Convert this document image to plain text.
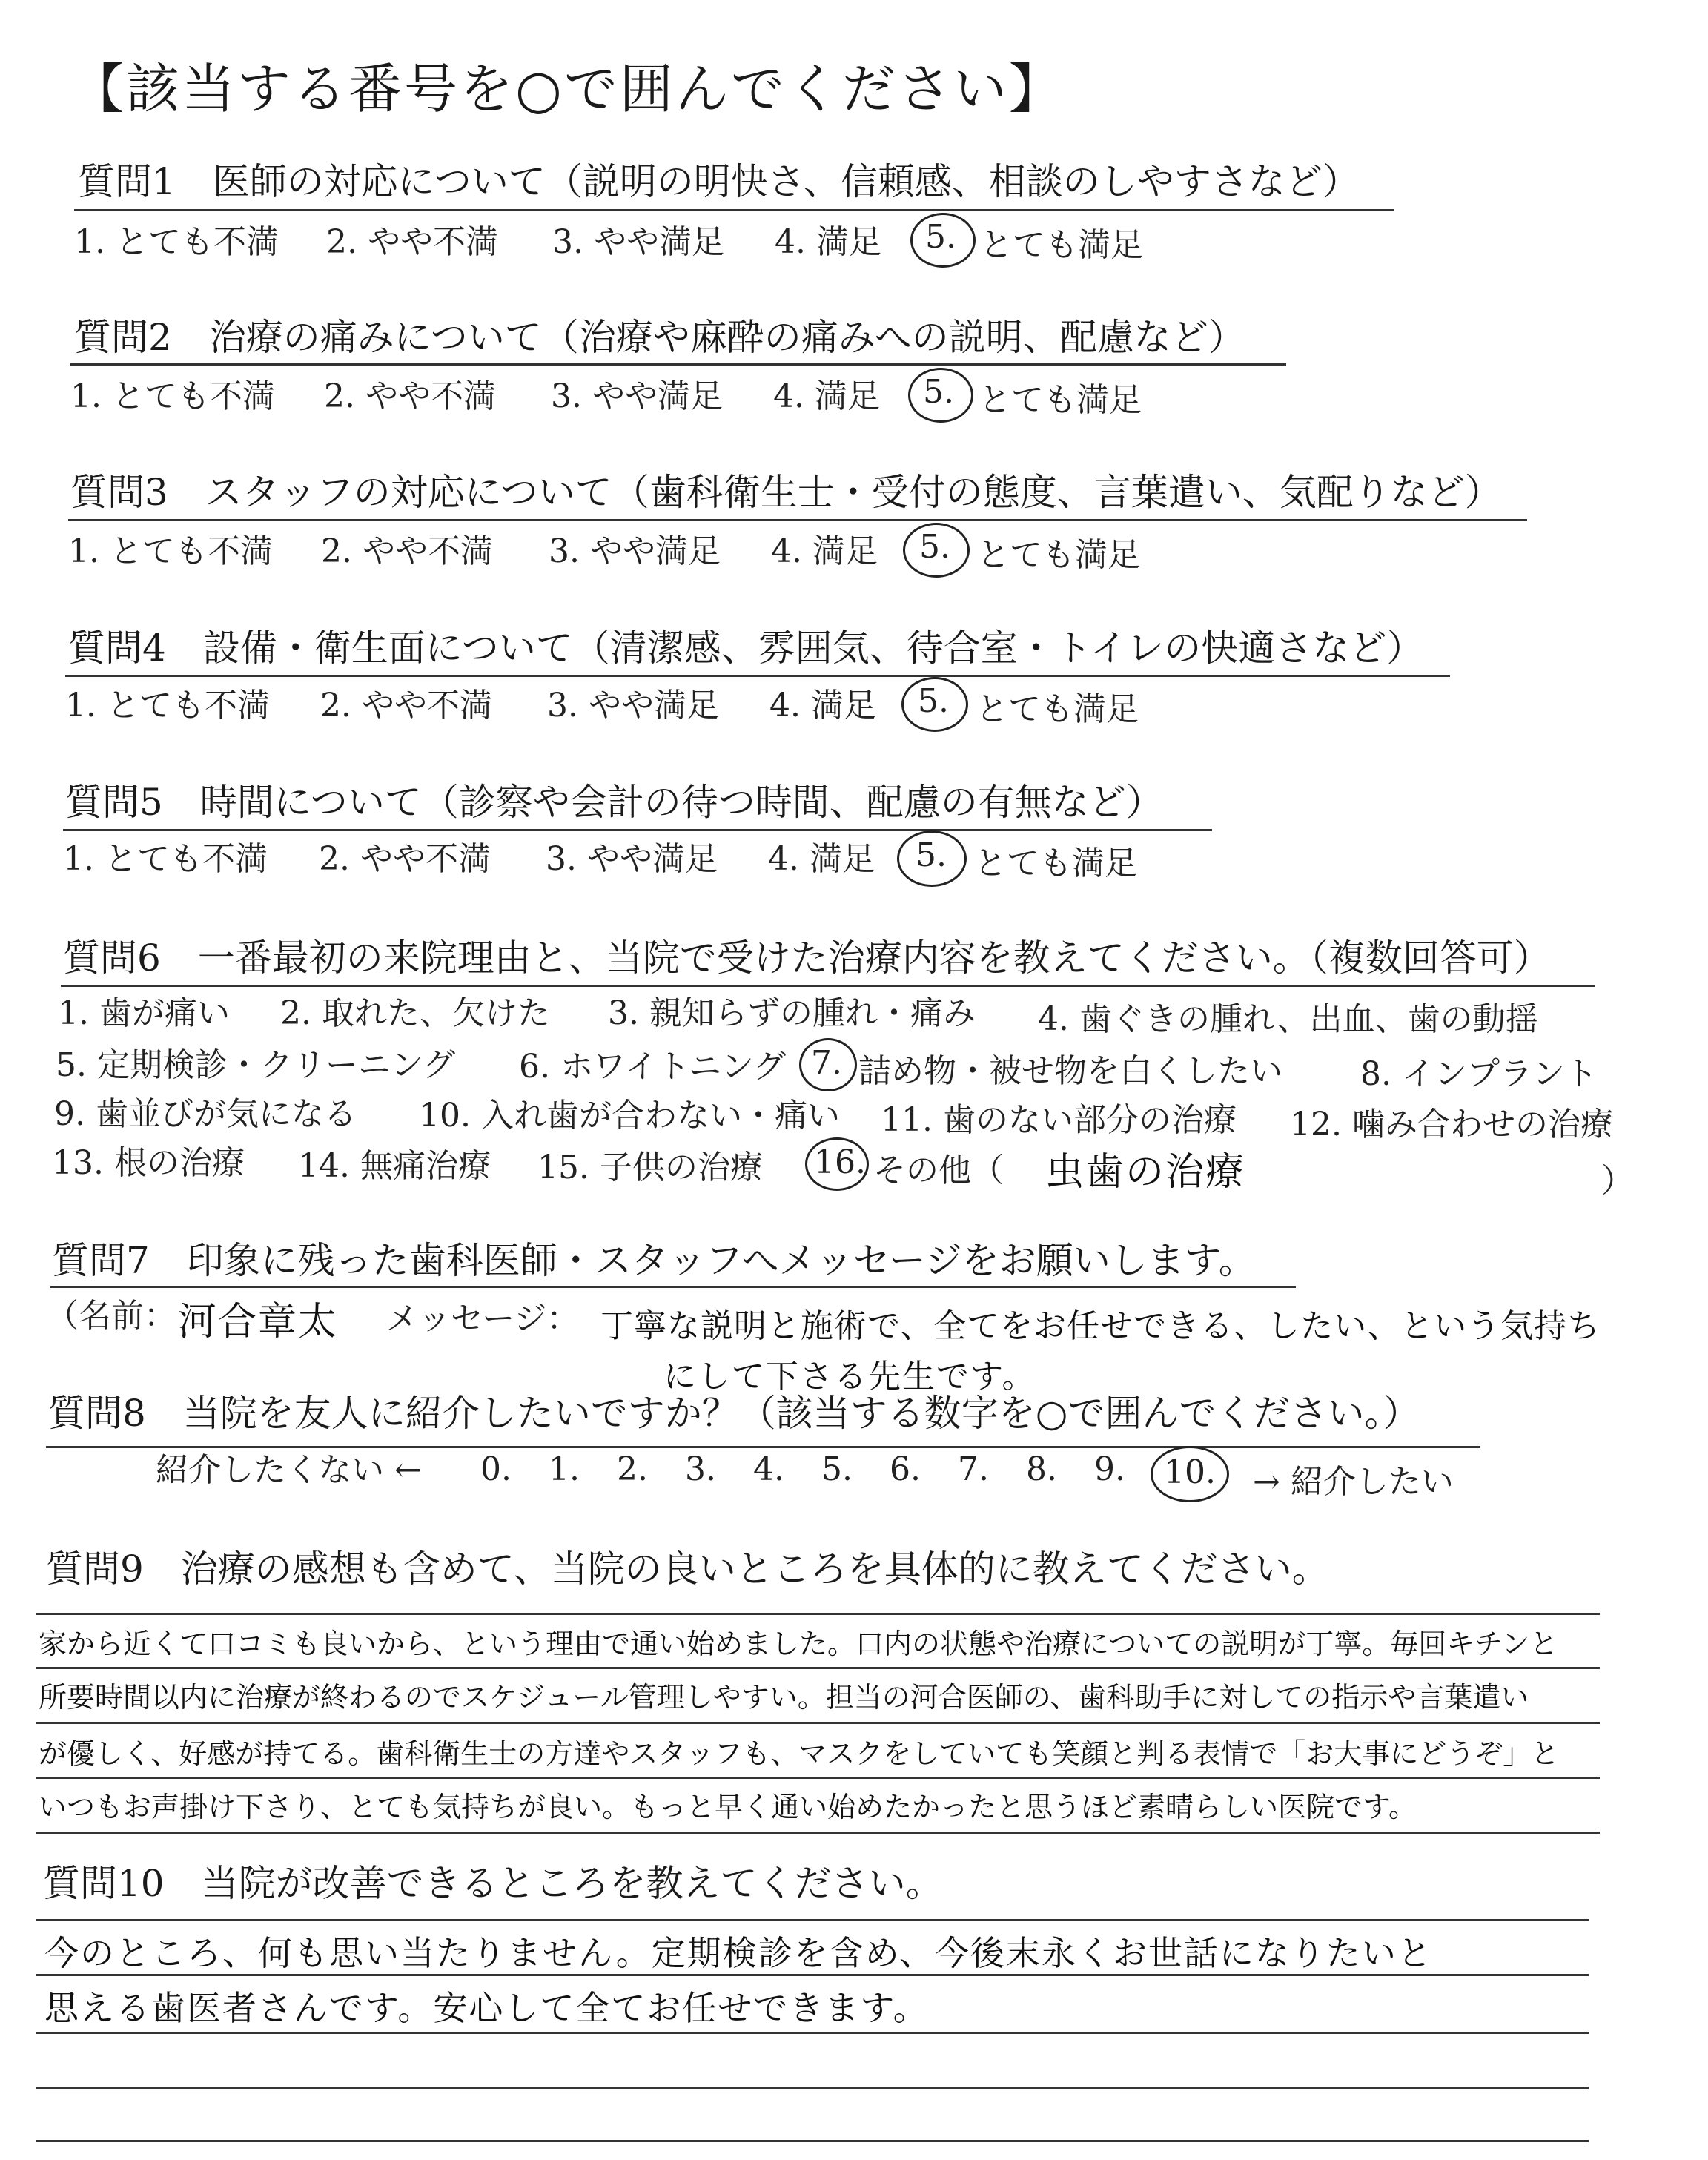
【該当する番号を○で囲んでください】
質問1　医師の対応について（説明の明快さ、信頼感、相談のしやすさなど）
1. とても不満 2. やや不満 3. やや満足 4. 満足 5. とても満足
質問2　治療の痛みについて（治療や麻酔の痛みへの説明、配慮など）
1. とても不満 2. やや不満 3. やや満足 4. 満足 5. とても満足
質問3　スタッフの対応について（歯科衛生士・受付の態度、言葉遣い、気配りなど）
1. とても不満 2. やや不満 3. やや満足 4. 満足 5. とても満足
質問4　設備・衛生面について（清潔感、雰囲気、待合室・トイレの快適さなど）
1. とても不満 2. やや不満 3. やや満足 4. 満足 5. とても満足
質問5　時間について（診察や会計の待つ時間、配慮の有無など）
1. とても不満 2. やや不満 3. やや満足 4. 満足 5. とても満足
質問6　一番最初の来院理由と、当院で受けた治療内容を教えてください。（複数回答可）
1. 歯が痛い 2. 取れた、欠けた 3. 親知らずの腫れ・痛み 4. 歯ぐきの腫れ、出血、歯の動揺
5. 定期検診・クリーニング 6. ホワイトニング 7. 詰め物・被せ物を白くしたい 8. インプラント
9. 歯並びが気になる 10. 入れ歯が合わない・痛い 11. 歯のない部分の治療 12. 噛み合わせの治療
13. 根の治療 14. 無痛治療 15. 子供の治療 16. その他（ 虫歯の治療	）
質問7　印象に残った歯科医師・スタッフへメッセージをお願いします。
（名前： 河合章太 メッセージ： 丁寧な説明と施術で、全てをお任せできる、したい、という気持ち
にして下さる先生です。
質問8　当院を友人に紹介したいですか？（該当する数字を○で囲んでください。）
紹介したくない ← 0. 1. 2. 3. 4. 5. 6. 7. 8. 9. 10. → 紹介したい
質問9　治療の感想も含めて、当院の良いところを具体的に教えてください。
家から近くて口コミも良いから、という理由で通い始めました。口内の状態や治療についての説明が丁寧。毎回キチンと
所要時間以内に治療が終わるのでスケジュール管理しやすい。担当の河合医師の、歯科助手に対しての指示や言葉遣い
が優しく、好感が持てる。歯科衛生士の方達やスタッフも、マスクをしていても笑顔と判る表情で「お大事にどうぞ」と
いつもお声掛け下さり、とても気持ちが良い。もっと早く通い始めたかったと思うほど素晴らしい医院です。
質問10　当院が改善できるところを教えてください。
今のところ、何も思い当たりません。定期検診を含め、今後末永くお世話になりたいと
思える歯医者さんです。安心して全てお任せできます。
